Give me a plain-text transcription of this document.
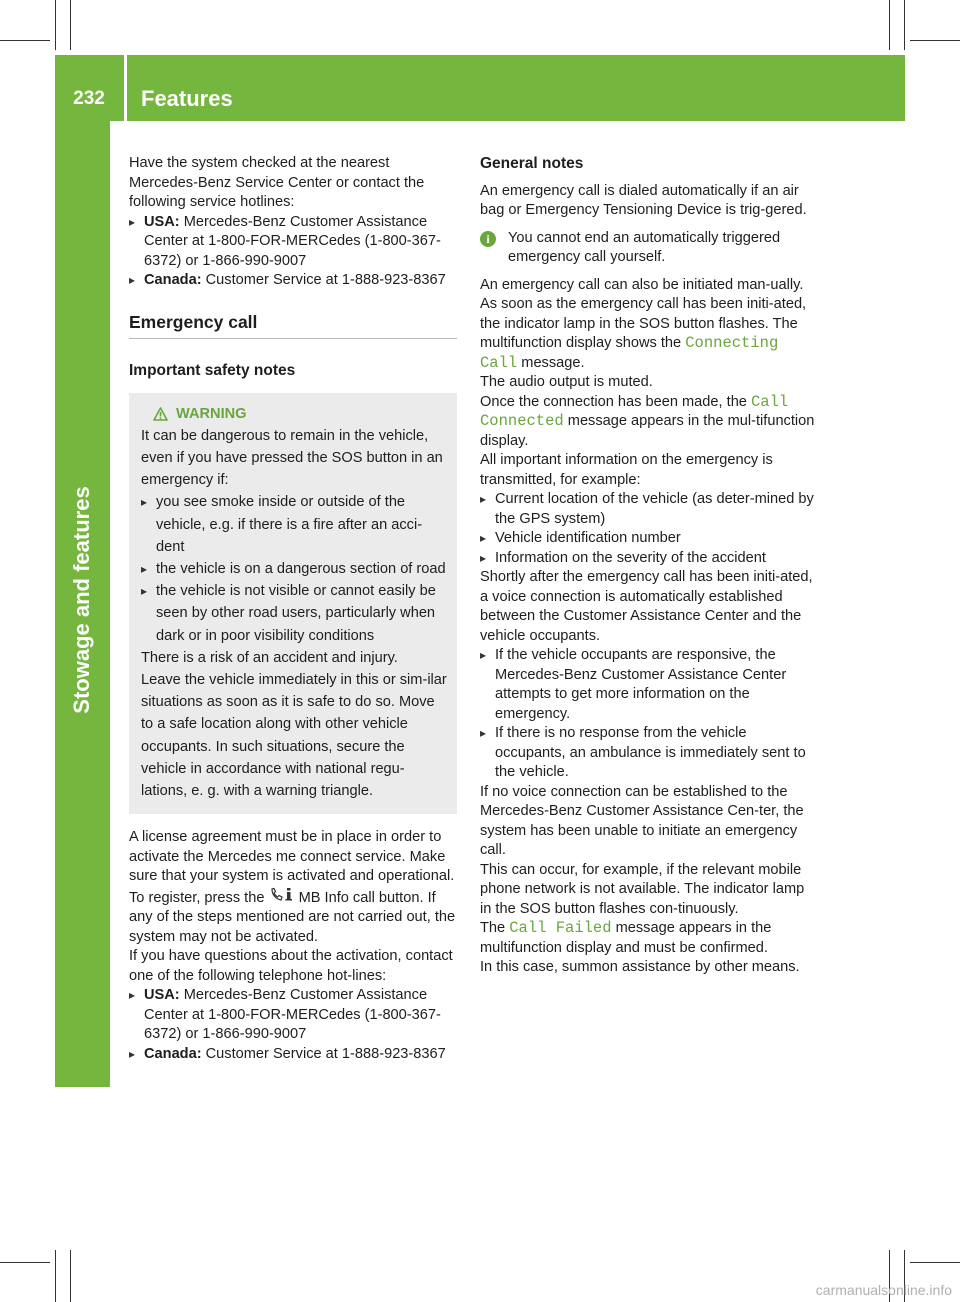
232	Features
Stowage and features

Have the system checked at the nearest Mercedes-Benz Service Center or contact the following service hotlines:

▸ USA: Mercedes-Benz Customer Assistance Center at 1-800-FOR-MERCedes (1-800-367-6372) or 1-866-990-9007
▸ Canada: Customer Service at 1-888-923-8367
Emergency call
Important safety notes
WARNING

It can be dangerous to remain in the vehicle, even if you have pressed the SOS button in an emergency if:

▸ you see smoke inside or outside of the vehicle, e.g. if there is a fire after an acci-dent
▸ the vehicle is on a dangerous section of road
▸ the vehicle is not visible or cannot easily be seen by other road users, particularly when dark or in poor visibility conditions

There is a risk of an accident and injury.

Leave the vehicle immediately in this or sim-ilar situations as soon as it is safe to do so. Move to a safe location along with other vehicle occupants. In such situations, secure the vehicle in accordance with national regu-lations, e. g. with a warning triangle.

A license agreement must be in place in order to activate the Mercedes me connect service. Make sure that your system is activated and operational. To register, press the MB Info call button. If any of the steps mentioned are not carried out, the system may not be activated.

If you have questions about the activation, contact one of the following telephone hot-lines:

▸ USA: Mercedes-Benz Customer Assistance Center at 1-800-FOR-MERCedes (1-800-367-6372) or 1-866-990-9007
▸ Canada: Customer Service at 1-888-923-8367
General notes

An emergency call is dialed automatically if an air bag or Emergency Tensioning Device is trig-gered.

i	You cannot end an automatically triggered emergency call yourself.

An emergency call can also be initiated man-ually.

As soon as the emergency call has been initi-ated, the indicator lamp in the SOS button flashes. The multifunction display shows the Connecting Call message.

The audio output is muted.

Once the connection has been made, the Call Connected message appears in the mul-tifunction display.

All important information on the emergency is transmitted, for example:

▸ Current location of the vehicle (as deter-mined by the GPS system)
▸ Vehicle identification number
▸ Information on the severity of the accident

Shortly after the emergency call has been initi-ated, a voice connection is automatically established between the Customer Assistance Center and the vehicle occupants.

▸ If the vehicle occupants are responsive, the Mercedes-Benz Customer Assistance Center attempts to get more information on the emergency.
▸ If there is no response from the vehicle occupants, an ambulance is immediately sent to the vehicle.

If no voice connection can be established to the Mercedes-Benz Customer Assistance Cen-ter, the system has been unable to initiate an emergency call.

This can occur, for example, if the relevant mobile phone network is not available. The indicator lamp in the SOS button flashes con-tinuously.

The Call Failed message appears in the multifunction display and must be confirmed.

In this case, summon assistance by other means.

carmanualsonline.info
